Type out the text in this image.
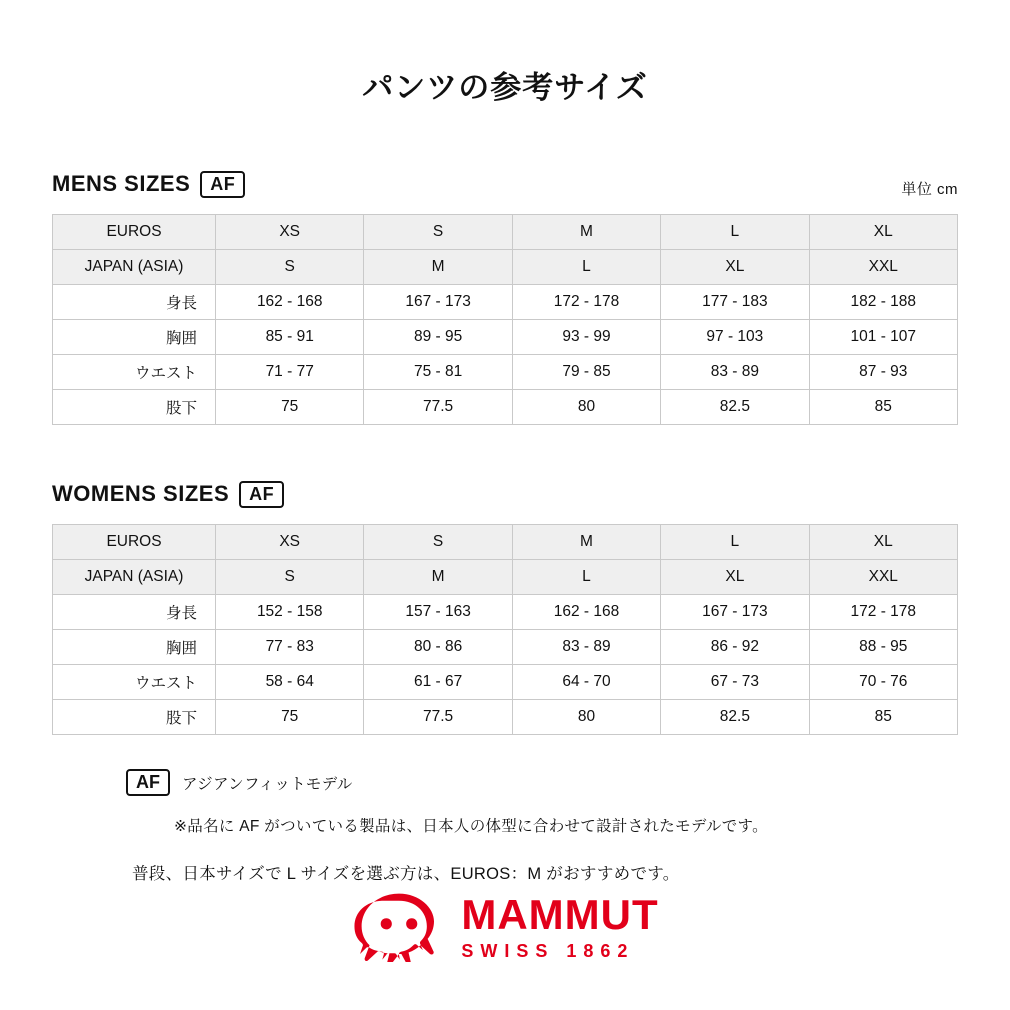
パンツの参考サイズ
MENS SIZES	AF	単位 cm
EUROS	XS	S	M	L	XL
JAPAN (ASIA)	S	M	L	XL	XXL
身長	162 - 168	167 - 173	172 - 178	177 - 183	182 - 188
胸囲	85 - 91	89 - 95	93 - 99	97 - 103	101 - 107
ウエスト	71 - 77	75 - 81	79 - 85	83 - 89	87 - 93
股下	75	77.5	80	82.5	85
WOMENS SIZES	AF
EUROS	XS	S	M	L	XL
JAPAN (ASIA)	S	M	L	XL	XXL
身長	152 - 158	157 - 163	162 - 168	167 - 173	172 - 178
胸囲	77 - 83	80 - 86	83 - 89	86 - 92	88 - 95
ウエスト	58 - 64	61 - 67	64 - 70	67 - 73	70 - 76
股下	75	77.5	80	82.5	85
AF	アジアンフィットモデル
※品名に AF がついている製品は、日本人の体型に合わせて設計されたモデルです。
普段、日本サイズで L サイズを選ぶ方は、EUROS：M がおすすめです。
MAMMUT
SWISS 1862
